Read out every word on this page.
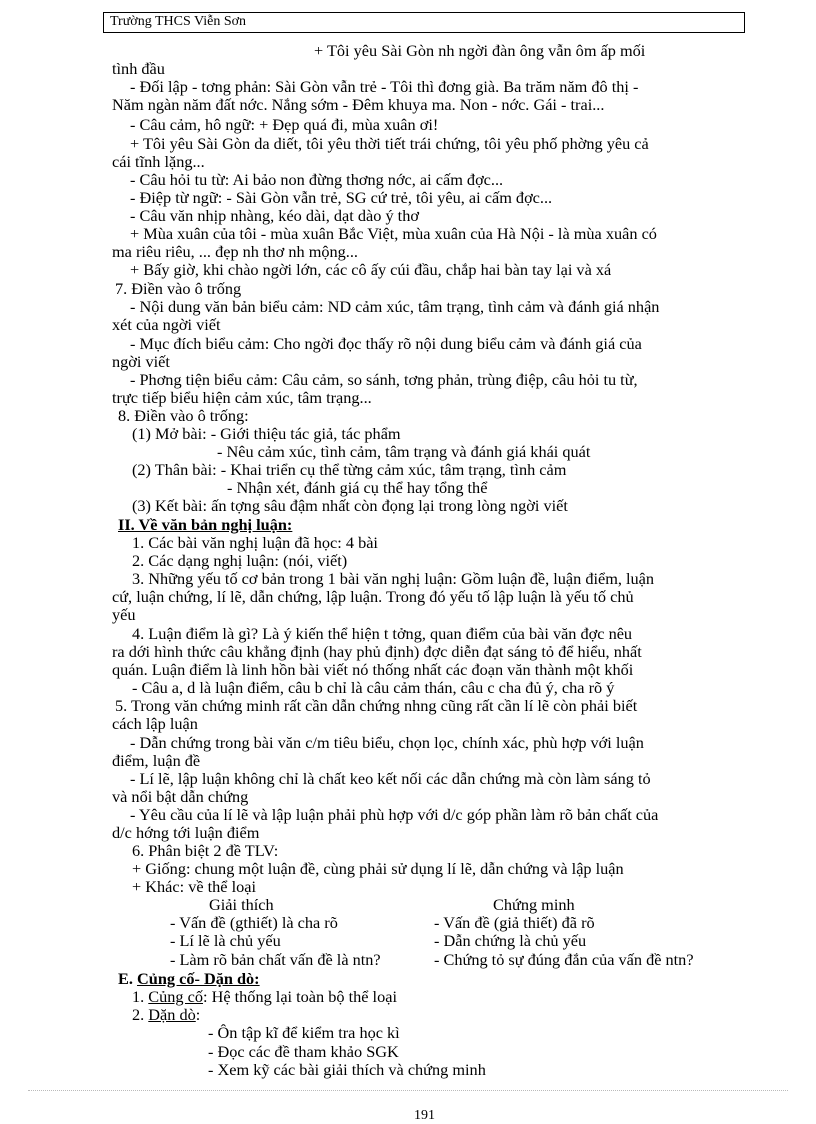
Trường THCS Viễn Sơn
+ Tôi yêu Sài Gòn nh ngời đàn ông vẫn ôm ấp mối
tình đầu
- Đối lập - tơng phản: Sài Gòn vẫn trẻ - Tôi thì đơng già. Ba trăm năm đô thị -
Năm ngàn năm đất nớc. Nắng sớm - Đêm khuya ma. Non - nớc. Gái - trai...
- Câu cảm, hô ngữ: + Đẹp quá đi, mùa xuân ơi!
+ Tôi yêu Sài Gòn da diết, tôi yêu thời tiết trái chứng, tôi yêu phố phờng yêu cả
cái tĩnh lặng...
- Câu hỏi tu từ: Ai bảo non đừng thơng nớc, ai cấm đợc...
- Điệp từ ngữ: - Sài Gòn vẫn trẻ, SG cứ trẻ, tôi yêu, ai cấm đợc...
- Câu văn nhịp nhàng, kéo dài, dạt dào ý thơ
+ Mùa xuân của tôi - mùa xuân Bắc Việt, mùa xuân của Hà Nội - là mùa xuân có
ma riêu riêu, ... đẹp nh thơ nh mộng...
+ Bấy giờ, khi chào ngời lớn, các cô ấy cúi đầu, chắp hai bàn tay lại và xá
7. Điền vào ô trống
- Nội dung văn bản biểu cảm: ND cảm xúc, tâm trạng, tình cảm và đánh giá nhận
xét của ngời viết
- Mục đích biểu cảm: Cho ngời đọc thấy rõ nội dung biểu cảm và đánh giá của
ngời viết
- Phơng tiện biểu cảm: Câu cảm, so sánh, tơng phản, trùng điệp, câu hỏi tu từ,
trực tiếp biểu hiện cảm xúc, tâm trạng...
8. Điền vào ô trống:
(1) Mở bài: - Giới thiệu tác giả, tác phẩm
- Nêu cảm xúc, tình cảm, tâm trạng và đánh giá khái quát
(2) Thân bài: - Khai triển cụ thể từng cảm xúc, tâm trạng, tình cảm
- Nhận xét, đánh giá cụ thể hay tổng thể
(3) Kết bài: ấn tợng sâu đậm nhất còn đọng lại trong lòng ngời viết
II. Về văn bản nghị luận:
1. Các bài văn nghị luận đã học: 4 bài
2. Các dạng nghị luận: (nói, viết)
3. Những yếu tố cơ bản trong 1 bài văn nghị luận: Gồm luận đề, luận điểm, luận
cứ, luận chứng, lí lẽ, dẫn chứng, lập luận. Trong đó yếu tố lập luận là yếu tố chủ
yếu
4. Luận điểm là gì? Là ý kiến thể hiện t tởng, quan điểm của bài văn đợc nêu
ra dới hình thức câu khẳng định (hay phủ định) đợc diễn đạt sáng tỏ để hiểu, nhất
quán. Luận điểm là linh hồn bài viết nó thống nhất các đoạn văn thành một khối
- Câu a, d là luận điểm, câu b chỉ là câu cảm thán, câu c cha đủ ý, cha rõ ý
5. Trong văn chứng minh rất cần dẫn chứng nhng cũng rất cần lí lẽ còn phải biết
cách lập luận
- Dẫn chứng trong bài văn c/m tiêu biểu, chọn lọc, chính xác, phù hợp với luận
điểm, luận đề
- Lí lẽ, lập luận không chỉ là chất keo kết nối các dẫn chứng mà còn làm sáng tỏ
và nổi bật dẫn chứng
- Yêu cầu của lí lẽ và lập luận phải phù hợp với d/c góp phần làm rõ bản chất của
d/c hớng tới luận điểm
6. Phân biệt 2 đề TLV:
+ Giống: chung một luận đề, cùng phải sử dụng lí lẽ, dẫn chứng và lập luận
+ Khác: về thể loại
Giải thích	Chứng minh
- Vấn đề (gthiết) là cha rõ	- Vấn đề (giả thiết) đã rõ
- Lí lẽ là chủ yếu	- Dẫn chứng là chủ yếu
- Làm rõ bản chất vấn đề là ntn?	- Chứng tỏ sự đúng đắn của vấn đề ntn?
E. Củng cố- Dặn dò:
1. Củng cố: Hệ thống lại toàn bộ thể loại
2. Dặn dò:
- Ôn tập kĩ để kiểm tra học kì
- Đọc các đề tham khảo SGK
- Xem kỹ các bài giải thích và chứng minh
191
